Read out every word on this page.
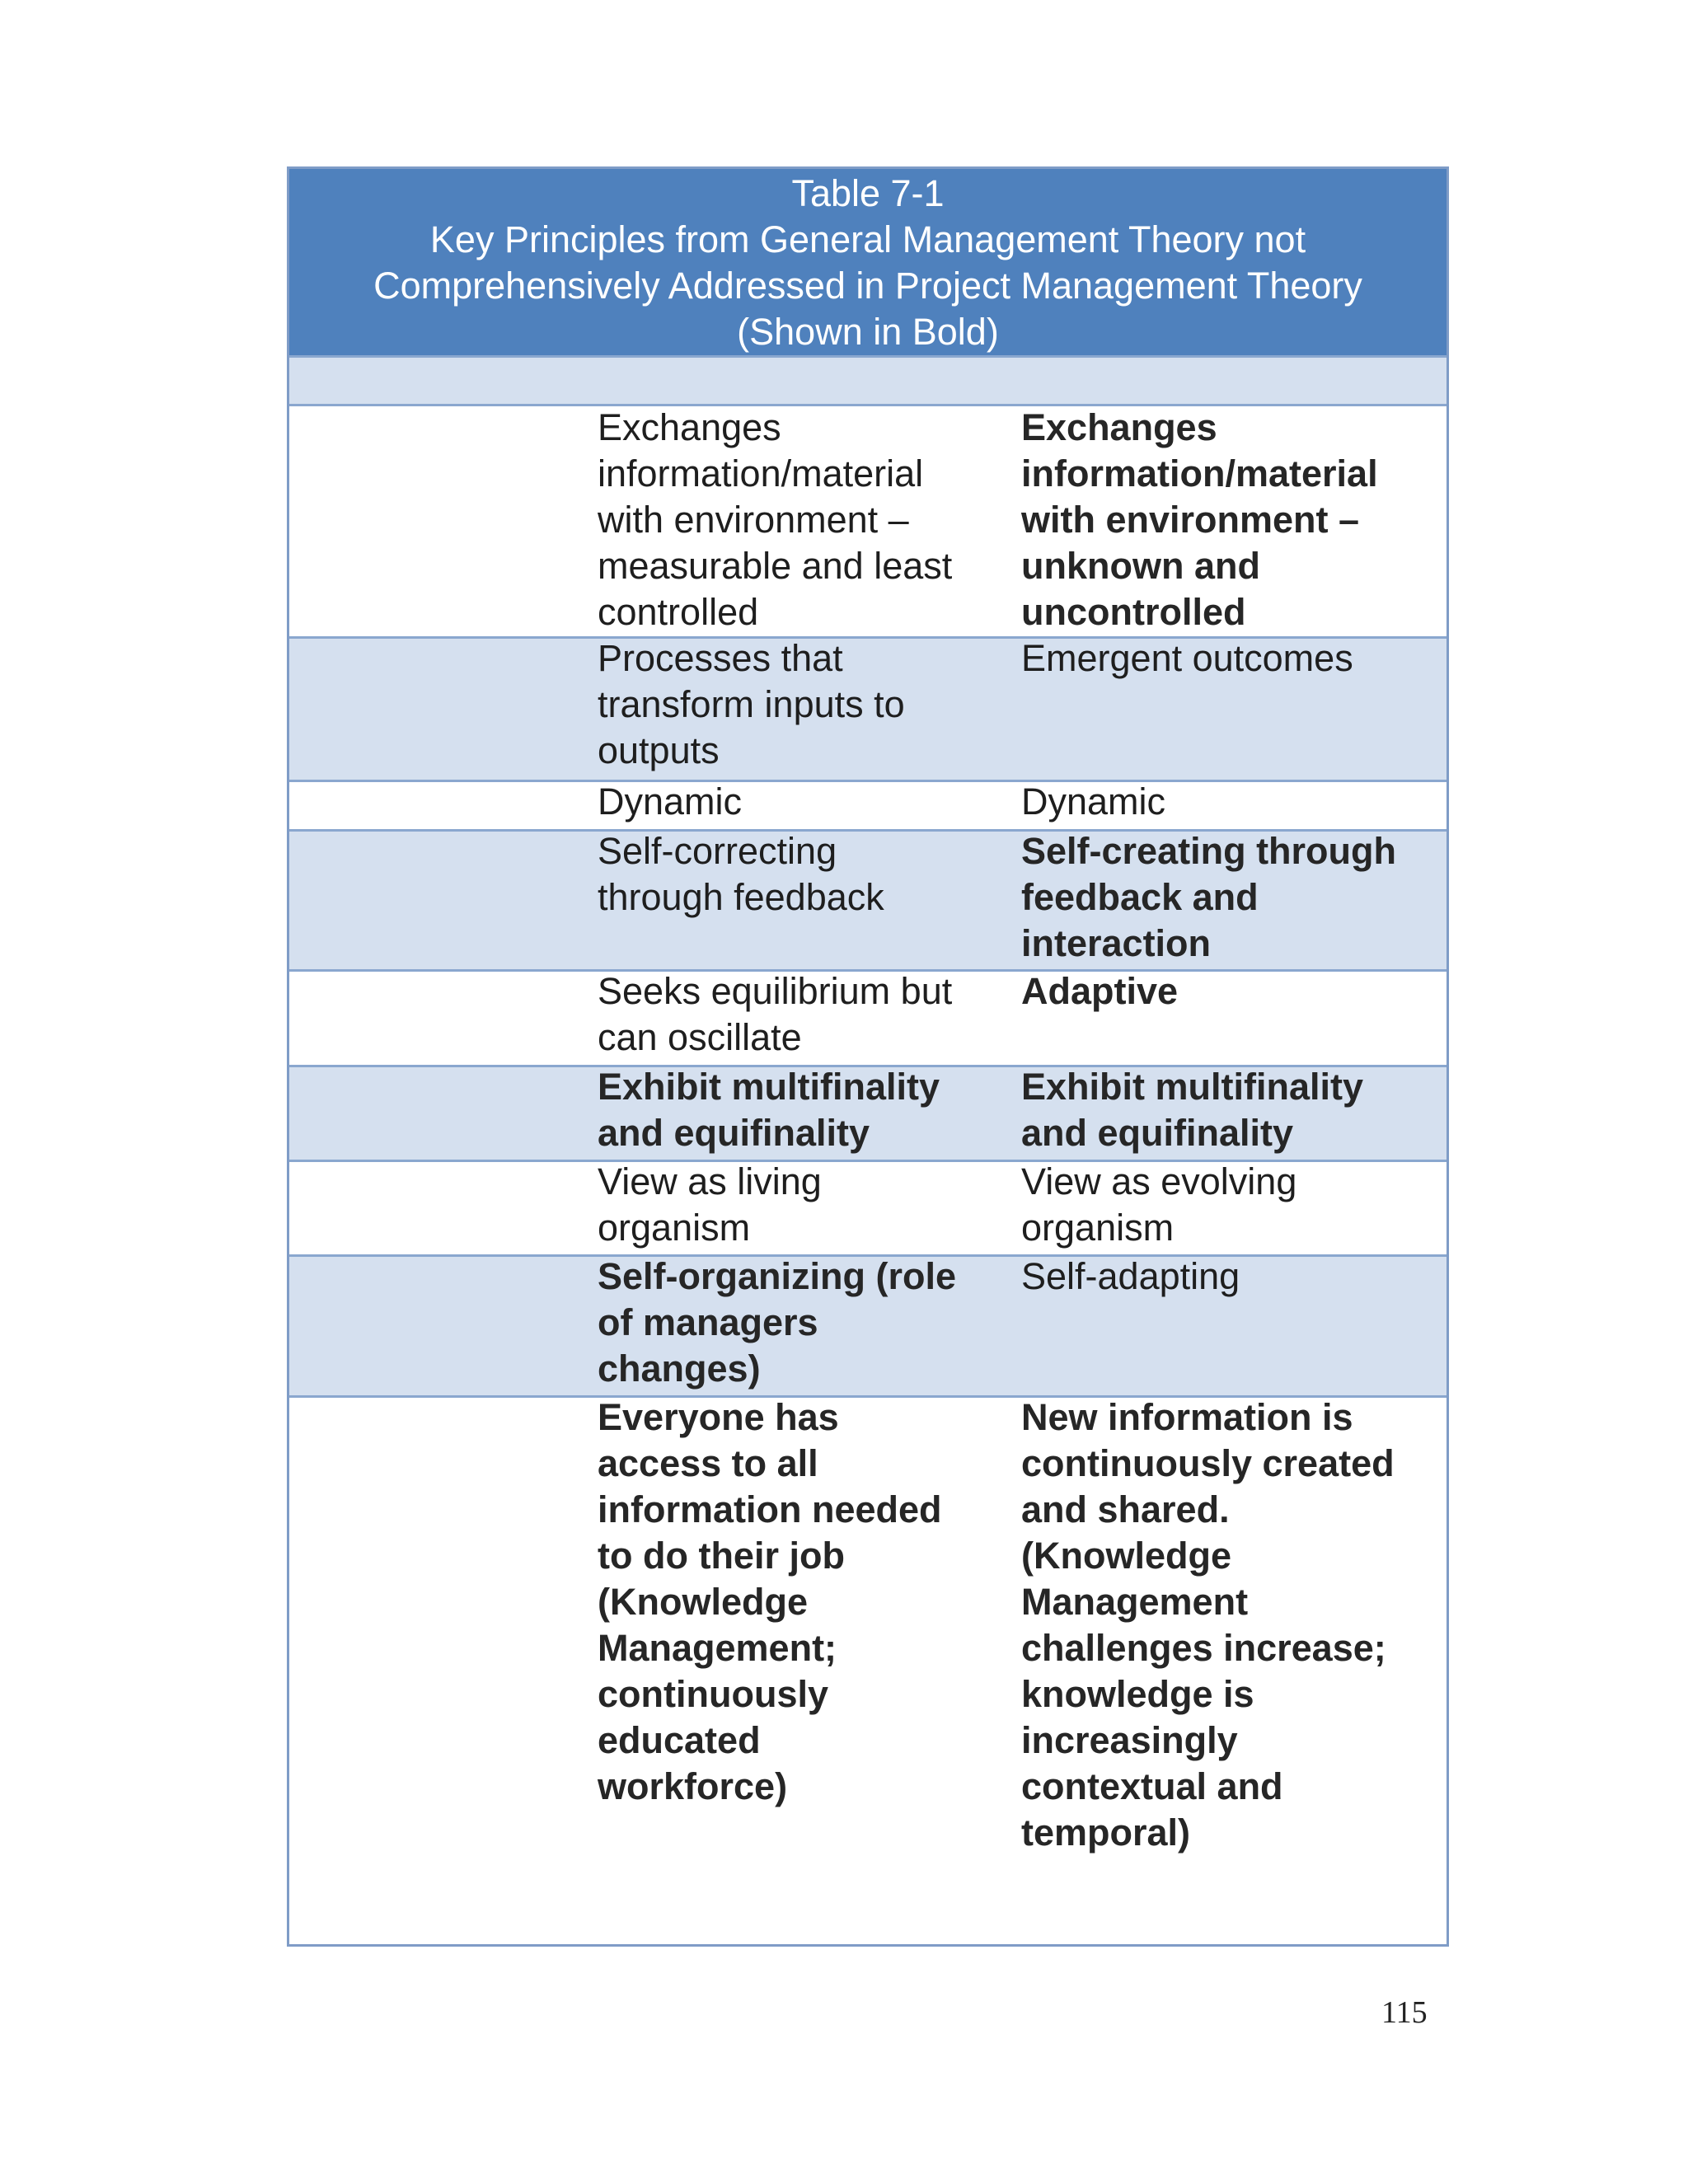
Table 7-1
Key Principles from General Management Theory not
Comprehensively Addressed in Project Management Theory
(Shown in Bold)
Exchanges
information/material
with environment –
measurable and least
controlled
Exchanges
information/material
with environment –
unknown and
uncontrolled
Processes that
transform inputs to
outputs
Emergent outcomes
Dynamic	Dynamic
Self-correcting
through feedback
Self-creating through
feedback and
interaction
Seeks equilibrium but
can oscillate
Adaptive
Exhibit multifinality
and equifinality
Exhibit multifinality
and equifinality
View as living
organism
View as evolving
organism
Self-organizing (role
of managers
changes)
Self-adapting
Everyone has
access to all
information needed
to do their job
(Knowledge
Management;
continuously
educated
workforce)
New information is
continuously created
and shared.
(Knowledge
Management
challenges increase;
knowledge is
increasingly
contextual and
temporal)
115
